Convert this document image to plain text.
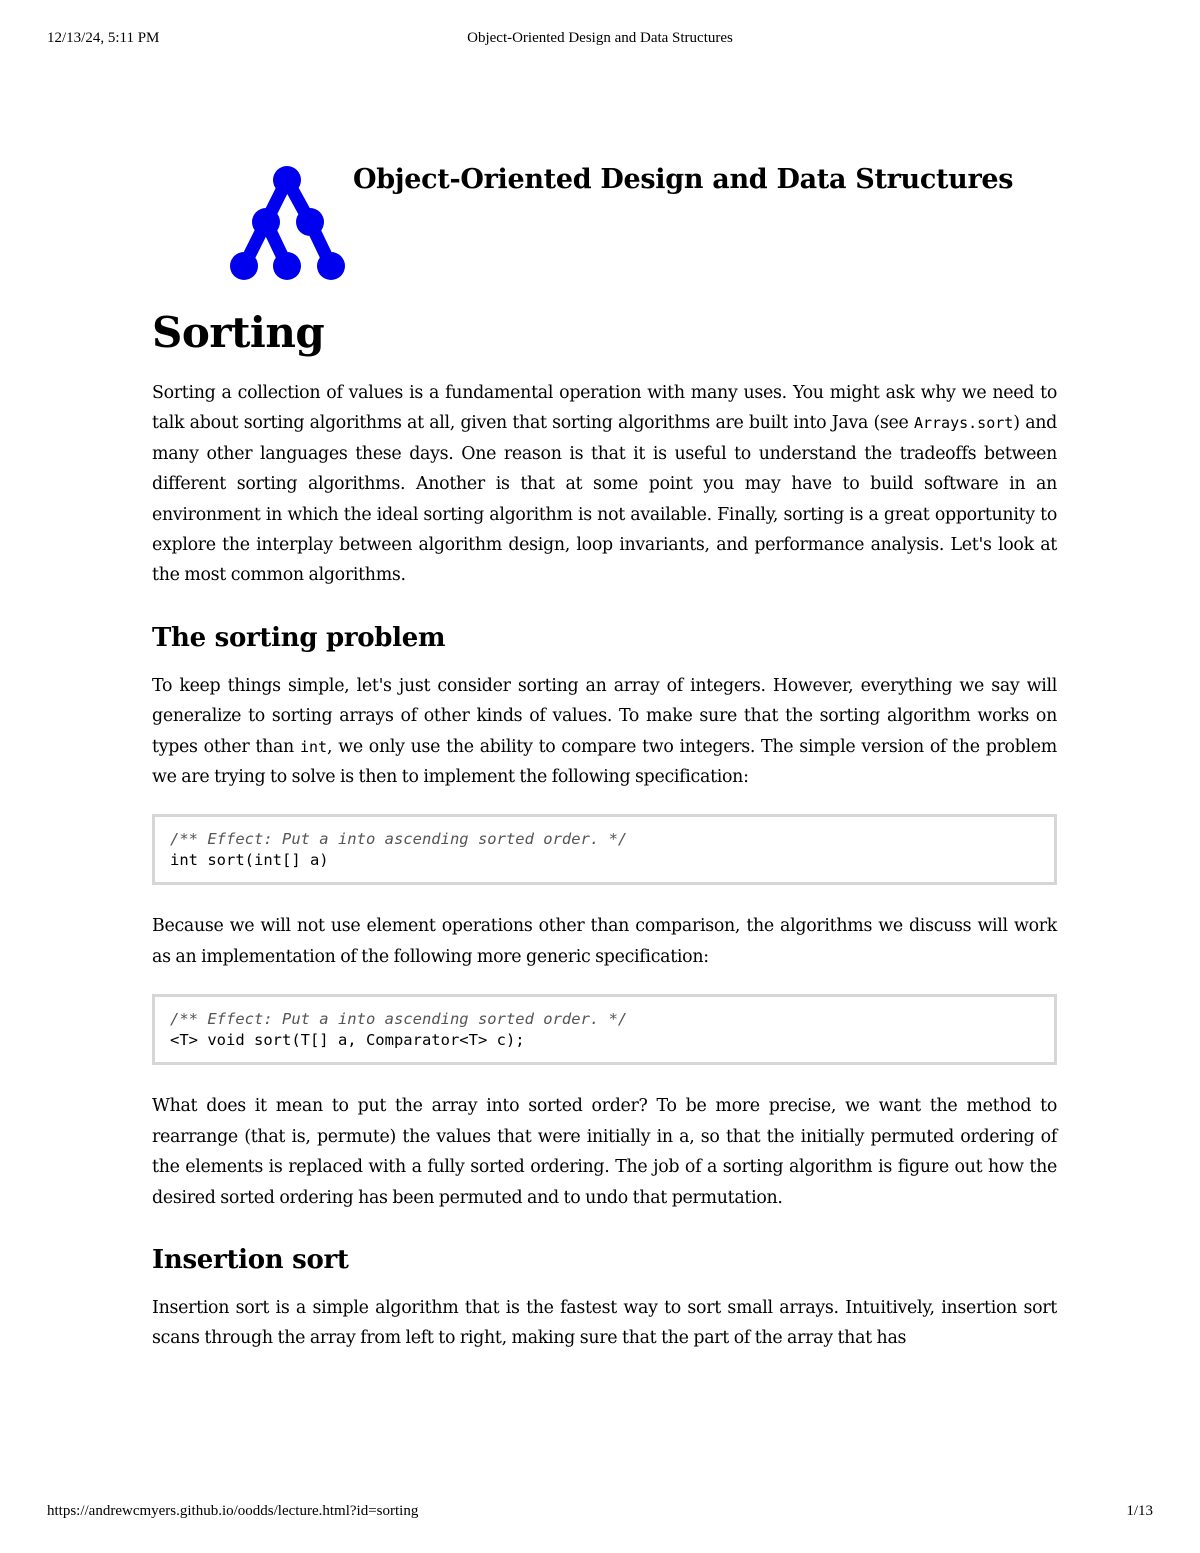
12/13/24, 5:11 PM	Object-Oriented Design and Data Structures
Object-Oriented Design and Data Structures
Sorting

Sorting a collection of values is a fundamental operation with many uses. You might ask why we need to talk about sorting algorithms at all, given that sorting algorithms are built into Java (see Arrays.sort) and many other languages these days. One reason is that it is useful to understand the tradeoffs between different sorting algorithms. Another is that at some point you may have to build software in an environment in which the ideal sorting algorithm is not available. Finally, sorting is a great opportunity to explore the interplay between algorithm design, loop invariants, and performance analysis. Let's look at the most common algorithms.

The sorting problem

To keep things simple, let's just consider sorting an array of integers. However, everything we say will generalize to sorting arrays of other kinds of values. To make sure that the sorting algorithm works on types other than int, we only use the ability to compare two integers. The simple version of the problem we are trying to solve is then to implement the following specification:

/** Effect: Put a into ascending sorted order. */
int sort(int[] a)

Because we will not use element operations other than comparison, the algorithms we discuss will work as an implementation of the following more generic specification:

/** Effect: Put a into ascending sorted order. */
<T> void sort(T[] a, Comparator<T> c);

What does it mean to put the array into sorted order? To be more precise, we want the method to rearrange (that is, permute) the values that were initially in a, so that the initially permuted ordering of the elements is replaced with a fully sorted ordering. The job of a sorting algorithm is figure out how the desired sorted ordering has been permuted and to undo that permutation.

Insertion sort

Insertion sort is a simple algorithm that is the fastest way to sort small arrays. Intuitively, insertion sort scans through the array from left to right, making sure that the part of the array that has

https://andrewcmyers.github.io/oodds/lecture.html?id=sorting	1/13
